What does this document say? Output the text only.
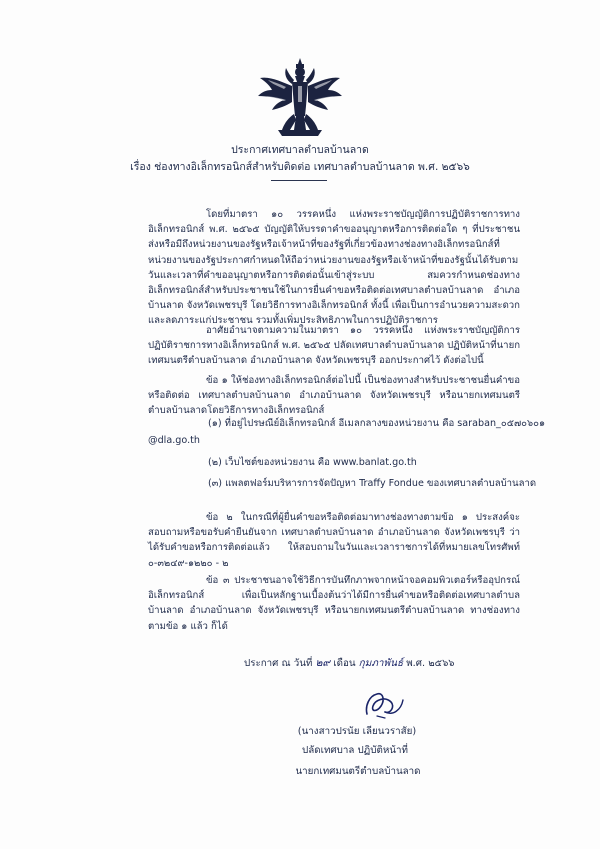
ประกาศเทศบาลตำบลบ้านลาด
เรื่อง ช่องทางอิเล็กทรอนิกส์สำหรับติดต่อ เทศบาลตำบลบ้านลาด พ.ศ. ๒๕๖๖
โดยที่มาตรา ๑๐ วรรคหนึ่ง แห่งพระราชบัญญัติการปฏิบัติราชการทางอิเล็กทรอนิกส์ พ.ศ. ๒๕๖๕ บัญญัติให้บรรดาคำขออนุญาตหรือการติดต่อใด ๆ ที่ประชาชนส่งหรือมีถึงหน่วยงานของรัฐหรือเจ้าหน้าที่ของรัฐที่เกี่ยวข้องทางช่องทางอิเล็กทรอนิกส์ที่หน่วยงานของรัฐประกาศกำหนดให้ถือว่าหน่วยงานของรัฐหรือเจ้าหน้าที่ของรัฐนั้นได้รับตามวันและเวลาที่คำขออนุญาตหรือการติดต่อนั้นเข้าสู่ระบบ สมควรกำหนดช่องทางอิเล็กทรอนิกส์สำหรับประชาชนใช้ในการยื่นคำขอหรือติดต่อเทศบาลตำบลบ้านลาด อำเภอบ้านลาด จังหวัดเพชรบุรี โดยวิธีการทางอิเล็กทรอนิกส์ ทั้งนี้ เพื่อเป็นการอำนวยความสะดวกและลดภาระแก่ประชาชน รวมทั้งเพิ่มประสิทธิภาพในการปฏิบัติราชการ
อาศัยอำนาจตามความในมาตรา ๑๐ วรรคหนึ่ง แห่งพระราชบัญญัติการปฏิบัติราชการทางอิเล็กทรอนิกส์ พ.ศ. ๒๕๖๕ ปลัดเทศบาลตำบลบ้านลาด ปฏิบัติหน้าที่นายกเทศมนตรีตำบลบ้านลาด อำเภอบ้านลาด จังหวัดเพชรบุรี ออกประกาศไว้ ดังต่อไปนี้
ข้อ ๑ ให้ช่องทางอิเล็กทรอนิกส์ต่อไปนี้ เป็นช่องทางสำหรับประชาชนยื่นคำขอหรือติดต่อ เทศบาลตำบลบ้านลาด อำเภอบ้านลาด จังหวัดเพชรบุรี หรือนายกเทศมนตรีตำบลบ้านลาดโดยวิธีการทางอิเล็กทรอนิกส์
(๑) ที่อยู่ไปรษณีย์อิเล็กทรอนิกส์ อีเมลกลางของหน่วยงาน คือ saraban_๐๕๗๐๖๐๑
@dla.go.th
(๒) เว็บไซต์ของหน่วยงาน คือ www.banlat.go.th
(๓) แพลตฟอร์มบริหารการจัดปัญหา Traffy Fondue ของเทศบาลตำบลบ้านลาด
ข้อ ๒ ในกรณีที่ผู้ยื่นคำขอหรือติดต่อมาทางช่องทางตามข้อ ๑ ประสงค์จะสอบถามหรือขอรับคำยืนยันจาก เทศบาลตำบลบ้านลาด อำเภอบ้านลาด จังหวัดเพชรบุรี ว่าได้รับคำขอหรือการติดต่อแล้ว ให้สอบถามในวันและเวลาราชการได้ที่หมายเลขโทรศัพท์ ๐-๓๒๔๙-๑๒๒๐ - ๒
ข้อ ๓ ประชาชนอาจใช้วิธีการบันทึกภาพจากหน้าจอคอมพิวเตอร์หรืออุปกรณ์อิเล็กทรอนิกส์ เพื่อเป็นหลักฐานเบื้องต้นว่าได้มีการยื่นคำขอหรือติดต่อเทศบาลตำบลบ้านลาด อำเภอบ้านลาด จังหวัดเพชรบุรี หรือนายกเทศมนตรีตำบลบ้านลาด ทางช่องทางตามข้อ ๑ แล้ว ก็ได้
ประกาศ ณ วันที่ ๒๙ เดือน กุมภาพันธ์ พ.ศ. ๒๕๖๖
(นางสาวปรนัย เลียนวราสัย)
ปลัดเทศบาล ปฏิบัติหน้าที่
นายกเทศมนตรีตำบลบ้านลาด
